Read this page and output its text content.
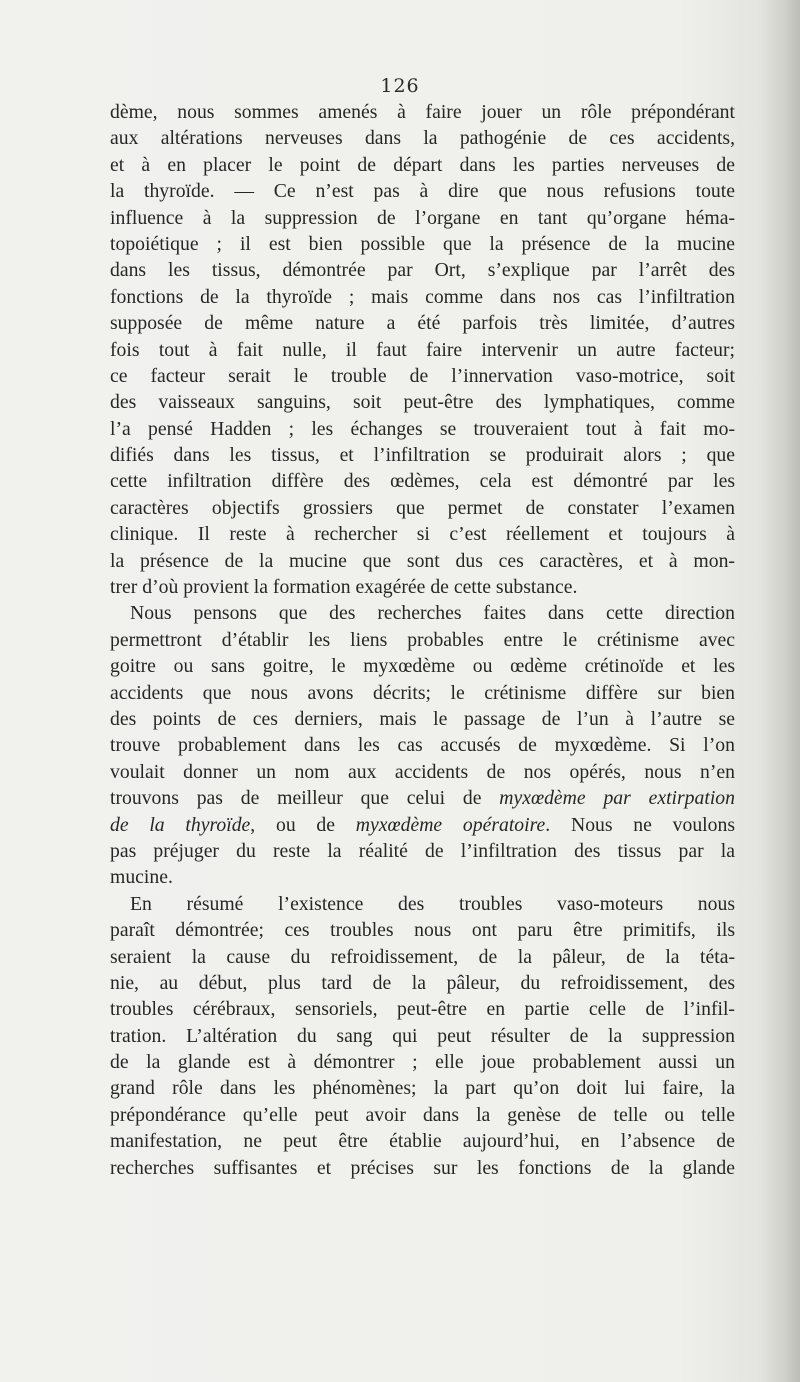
126
dème, nous sommes amenés à faire jouer un rôle prépondérant
aux altérations nerveuses dans la pathogénie de ces accidents,
et à en placer le point de départ dans les parties nerveuses de
la thyroïde. — Ce n’est pas à dire que nous refusions toute
influence à la suppression de l’organe en tant qu’organe héma-
topoiétique ; il est bien possible que la présence de la mucine
dans les tissus, démontrée par Ort, s’explique par l’arrêt des
fonctions de la thyroïde ; mais comme dans nos cas l’infiltration
supposée de même nature a été parfois très limitée, d’autres
fois tout à fait nulle, il faut faire intervenir un autre facteur;
ce facteur serait le trouble de l’innervation vaso-motrice, soit
des vaisseaux sanguins, soit peut-être des lymphatiques, comme
l’a pensé Hadden ; les échanges se trouveraient tout à fait mo-
difiés dans les tissus, et l’infiltration se produirait alors ; que
cette infiltration diffère des œdèmes, cela est démontré par les
caractères objectifs grossiers que permet de constater l’examen
clinique. Il reste à rechercher si c’est réellement et toujours à
la présence de la mucine que sont dus ces caractères, et à mon-
trer d’où provient la formation exagérée de cette substance.
Nous pensons que des recherches faites dans cette direction
permettront d’établir les liens probables entre le crétinisme avec
goitre ou sans goitre, le myxœdème ou œdème crétinoïde et les
accidents que nous avons décrits; le crétinisme diffère sur bien
des points de ces derniers, mais le passage de l’un à l’autre se
trouve probablement dans les cas accusés de myxœdème. Si l’on
voulait donner un nom aux accidents de nos opérés, nous n’en
trouvons pas de meilleur que celui de myxœdème par extirpation
de la thyroïde, ou de myxœdème opératoire. Nous ne voulons
pas préjuger du reste la réalité de l’infiltration des tissus par la
mucine.
En résumé l’existence des troubles vaso-moteurs nous
paraît démontrée; ces troubles nous ont paru être primitifs, ils
seraient la cause du refroidissement, de la pâleur, de la téta-
nie, au début, plus tard de la pâleur, du refroidissement, des
troubles cérébraux, sensoriels, peut-être en partie celle de l’infil-
tration. L’altération du sang qui peut résulter de la suppression
de la glande est à démontrer ; elle joue probablement aussi un
grand rôle dans les phénomènes; la part qu’on doit lui faire, la
prépondérance qu’elle peut avoir dans la genèse de telle ou telle
manifestation, ne peut être établie aujourd’hui, en l’absence de
recherches suffisantes et précises sur les fonctions de la glande
